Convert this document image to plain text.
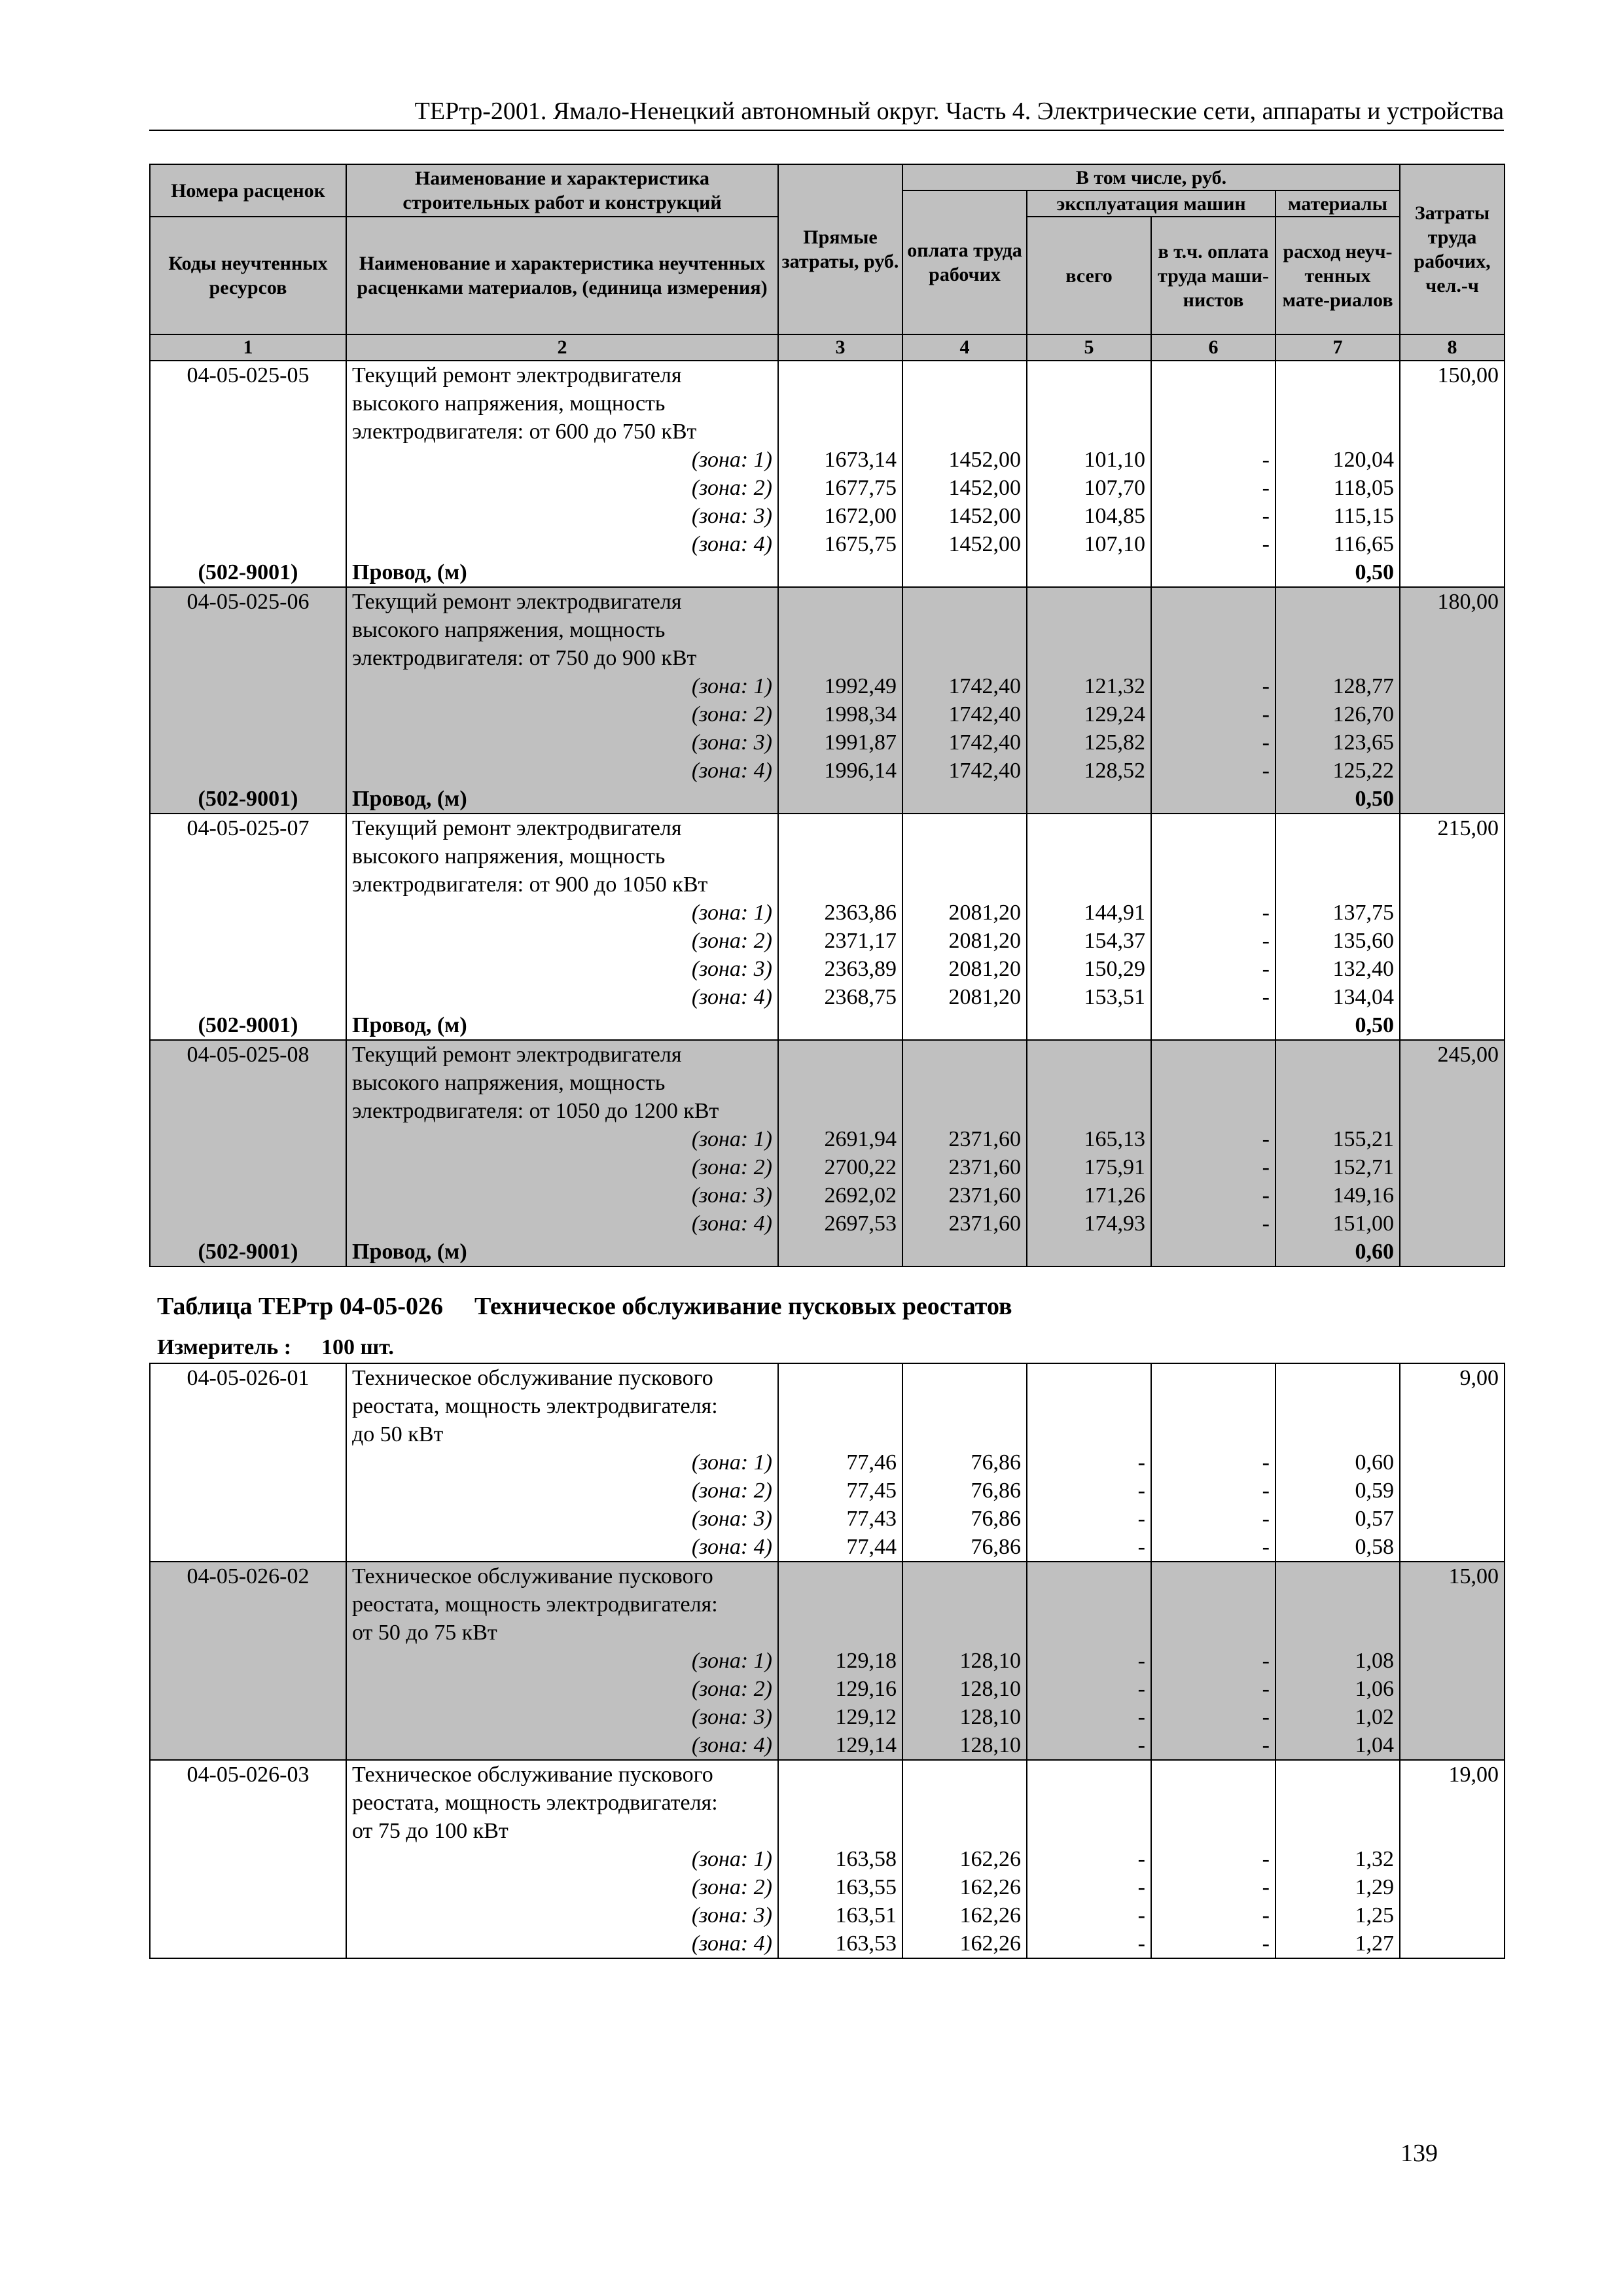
ТЕРтр-2001. Ямало-Ненецкий автономный округ. Часть 4. Электрические сети, аппараты и устройства
Номера расценок	Наименование и характеристика строительных работ и конструкций	Прямые затраты, руб.	В том числе, руб.				Затраты труда рабочих, чел.-ч
			оплата труда рабочих	эксплуатация машин		материалы	
Коды неучтенных ресурсов	Наименование и характеристика неучтенных расценками материалов, (единица измерения)			всего	в т.ч. оплата труда маши-нистов	расход неуч-тенных мате-риалов	

1	2	3	4	5	6	7	8
04-05-025-05	Текущий ремонт электродвигателя						150,00
	высокого напряжения, мощность						
	электродвигателя: от 600 до 750 кВт						
	(зона: 1)	1673,14	1452,00	101,10	-	120,04	
	(зона: 2)	1677,75	1452,00	107,70	-	118,05	
	(зона: 3)	1672,00	1452,00	104,85	-	115,15	
	(зона: 4)	1675,75	1452,00	107,10	-	116,65	
(502-9001)	Провод, (м)					0,50	
04-05-025-06	Текущий ремонт электродвигателя						180,00
	высокого напряжения, мощность						
	электродвигателя: от 750 до 900 кВт						
	(зона: 1)	1992,49	1742,40	121,32	-	128,77	
	(зона: 2)	1998,34	1742,40	129,24	-	126,70	
	(зона: 3)	1991,87	1742,40	125,82	-	123,65	
	(зона: 4)	1996,14	1742,40	128,52	-	125,22	
(502-9001)	Провод, (м)					0,50	
04-05-025-07	Текущий ремонт электродвигателя						215,00
	высокого напряжения, мощность						
	электродвигателя: от 900 до 1050 кВт						
	(зона: 1)	2363,86	2081,20	144,91	-	137,75	
	(зона: 2)	2371,17	2081,20	154,37	-	135,60	
	(зона: 3)	2363,89	2081,20	150,29	-	132,40	
	(зона: 4)	2368,75	2081,20	153,51	-	134,04	
(502-9001)	Провод, (м)					0,50	
04-05-025-08	Текущий ремонт электродвигателя						245,00
	высокого напряжения, мощность						
	электродвигателя: от 1050 до 1200 кВт						
	(зона: 1)	2691,94	2371,60	165,13	-	155,21	
	(зона: 2)	2700,22	2371,60	175,91	-	152,71	
	(зона: 3)	2692,02	2371,60	171,26	-	149,16	
	(зона: 4)	2697,53	2371,60	174,93	-	151,00	
(502-9001)	Провод, (м)					0,60	
Таблица ТЕРтр 04-05-026 Техническое обслуживание пусковых реостатов
Измеритель : 100 шт.
04-05-026-01	Техническое обслуживание пускового						9,00
	реостата, мощность электродвигателя:						
	до 50 кВт						
	(зона: 1)	77,46	76,86	-	-	0,60	
	(зона: 2)	77,45	76,86	-	-	0,59	
	(зона: 3)	77,43	76,86	-	-	0,57	
	(зона: 4)	77,44	76,86	-	-	0,58	
04-05-026-02	Техническое обслуживание пускового						15,00
	реостата, мощность электродвигателя:						
	от 50 до 75 кВт						
	(зона: 1)	129,18	128,10	-	-	1,08	
	(зона: 2)	129,16	128,10	-	-	1,06	
	(зона: 3)	129,12	128,10	-	-	1,02	
	(зона: 4)	129,14	128,10	-	-	1,04	
04-05-026-03	Техническое обслуживание пускового						19,00
	реостата, мощность электродвигателя:						
	от 75 до 100 кВт						
	(зона: 1)	163,58	162,26	-	-	1,32	
	(зона: 2)	163,55	162,26	-	-	1,29	
	(зона: 3)	163,51	162,26	-	-	1,25	
	(зона: 4)	163,53	162,26	-	-	1,27	
139
